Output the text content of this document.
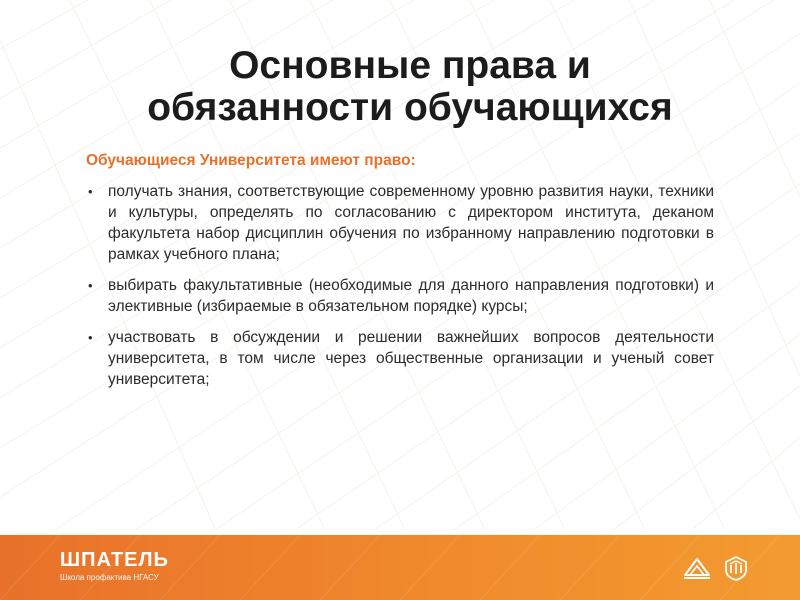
Основные права и
обязанности обучающихся

Обучающиеся Университета имеют право:

• получать знания, соответствующие современному уровню развития науки, техники и культуры, определять по согласованию с директором института, деканом факультета набор дисциплин обучения по избранному направлению подготовки в рамках учебного плана;
• выбирать факультативные (необходимые для данного направления подготовки) и элективные (избираемые в обязательном порядке) курсы;
• участвовать в обсуждении и решении важнейших вопросов деятельности университета, в том числе через общественные организации и ученый совет университета;
ШПАТЕЛЬ
Школа профактива НГАСУ
